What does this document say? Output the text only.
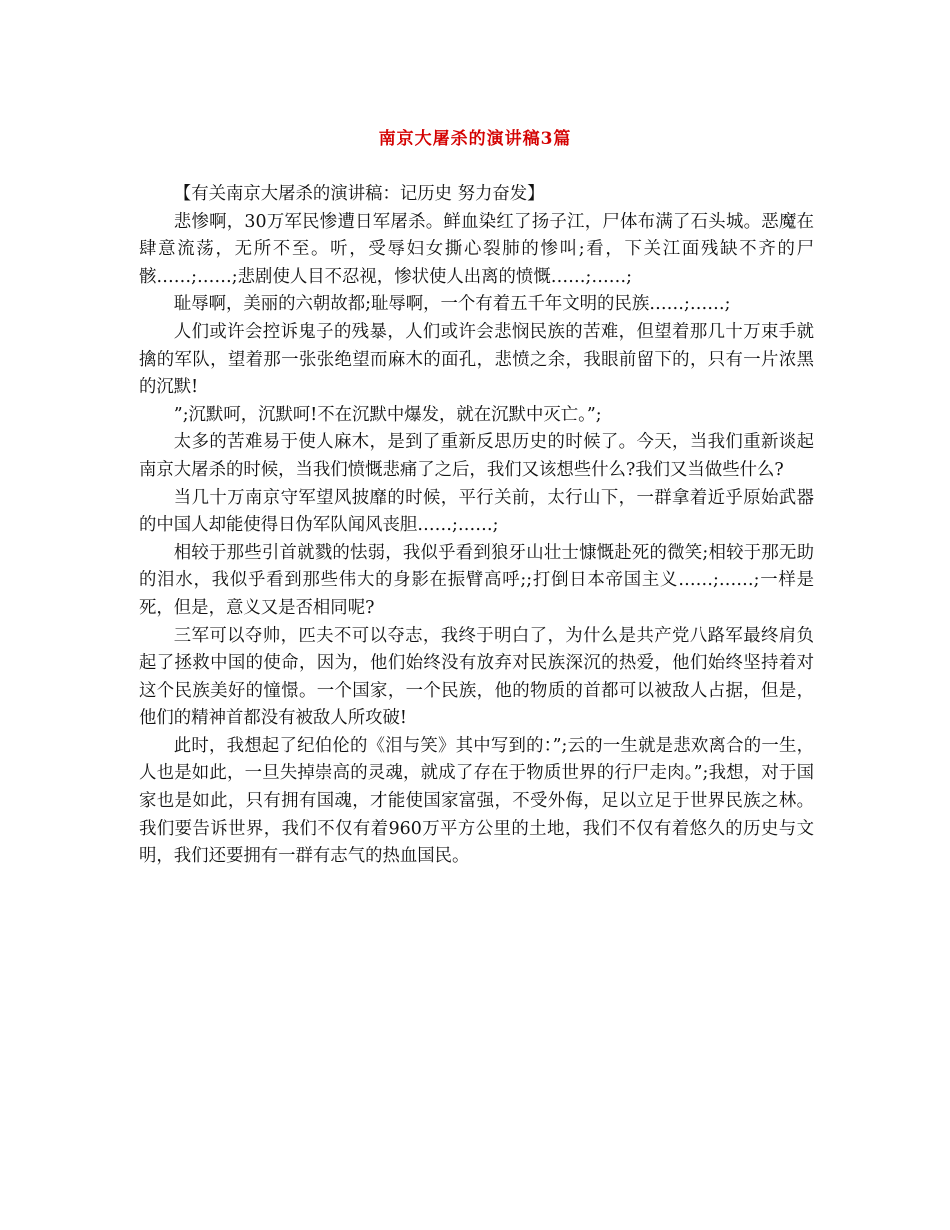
南京大屠杀的演讲稿3篇

【有关南京大屠杀的演讲稿：记历史 努力奋发】

悲惨啊，30万军民惨遭日军屠杀。鲜血染红了扬子江，尸体布满了石头城。恶魔在肆意流荡，无所不至。听，受辱妇女撕心裂肺的惨叫;看，下关江面残缺不齐的尸骸……;……;悲剧使人目不忍视，惨状使人出离的愤慨……;……;

耻辱啊，美丽的六朝故都;耻辱啊，一个有着五千年文明的民族……;……;

人们或许会控诉鬼子的残暴，人们或许会悲悯民族的苦难，但望着那几十万束手就擒的军队，望着那一张张绝望而麻木的面孔，悲愤之余，我眼前留下的，只有一片浓黑的沉默!

”;沉默呵，沉默呵!不在沉默中爆发，就在沉默中灭亡。”;

太多的苦难易于使人麻木，是到了重新反思历史的时候了。今天，当我们重新谈起南京大屠杀的时候，当我们愤慨悲痛了之后，我们又该想些什么?我们又当做些什么?

当几十万南京守军望风披靡的时候，平行关前，太行山下，一群拿着近乎原始武器的中国人却能使得日伪军队闻风丧胆……;……;

相较于那些引首就戮的怯弱，我似乎看到狼牙山壮士慷慨赴死的微笑;相较于那无助的泪水，我似乎看到那些伟大的身影在振臂高呼;;打倒日本帝国主义……;……;一样是死，但是，意义又是否相同呢?

三军可以夺帅，匹夫不可以夺志，我终于明白了，为什么是共产党八路军最终肩负起了拯救中国的使命，因为，他们始终没有放弃对民族深沉的热爱，他们始终坚持着对这个民族美好的憧憬。一个国家，一个民族，他的物质的首都可以被敌人占据，但是，他们的精神首都没有被敌人所攻破!

此时，我想起了纪伯伦的《泪与笑》其中写到的：”;云的一生就是悲欢离合的一生，人也是如此，一旦失掉崇高的灵魂，就成了存在于物质世界的行尸走肉。”;我想，对于国家也是如此，只有拥有国魂，才能使国家富强，不受外侮，足以立足于世界民族之林。我们要告诉世界，我们不仅有着960万平方公里的土地，我们不仅有着悠久的历史与文明，我们还要拥有一群有志气的热血国民。
